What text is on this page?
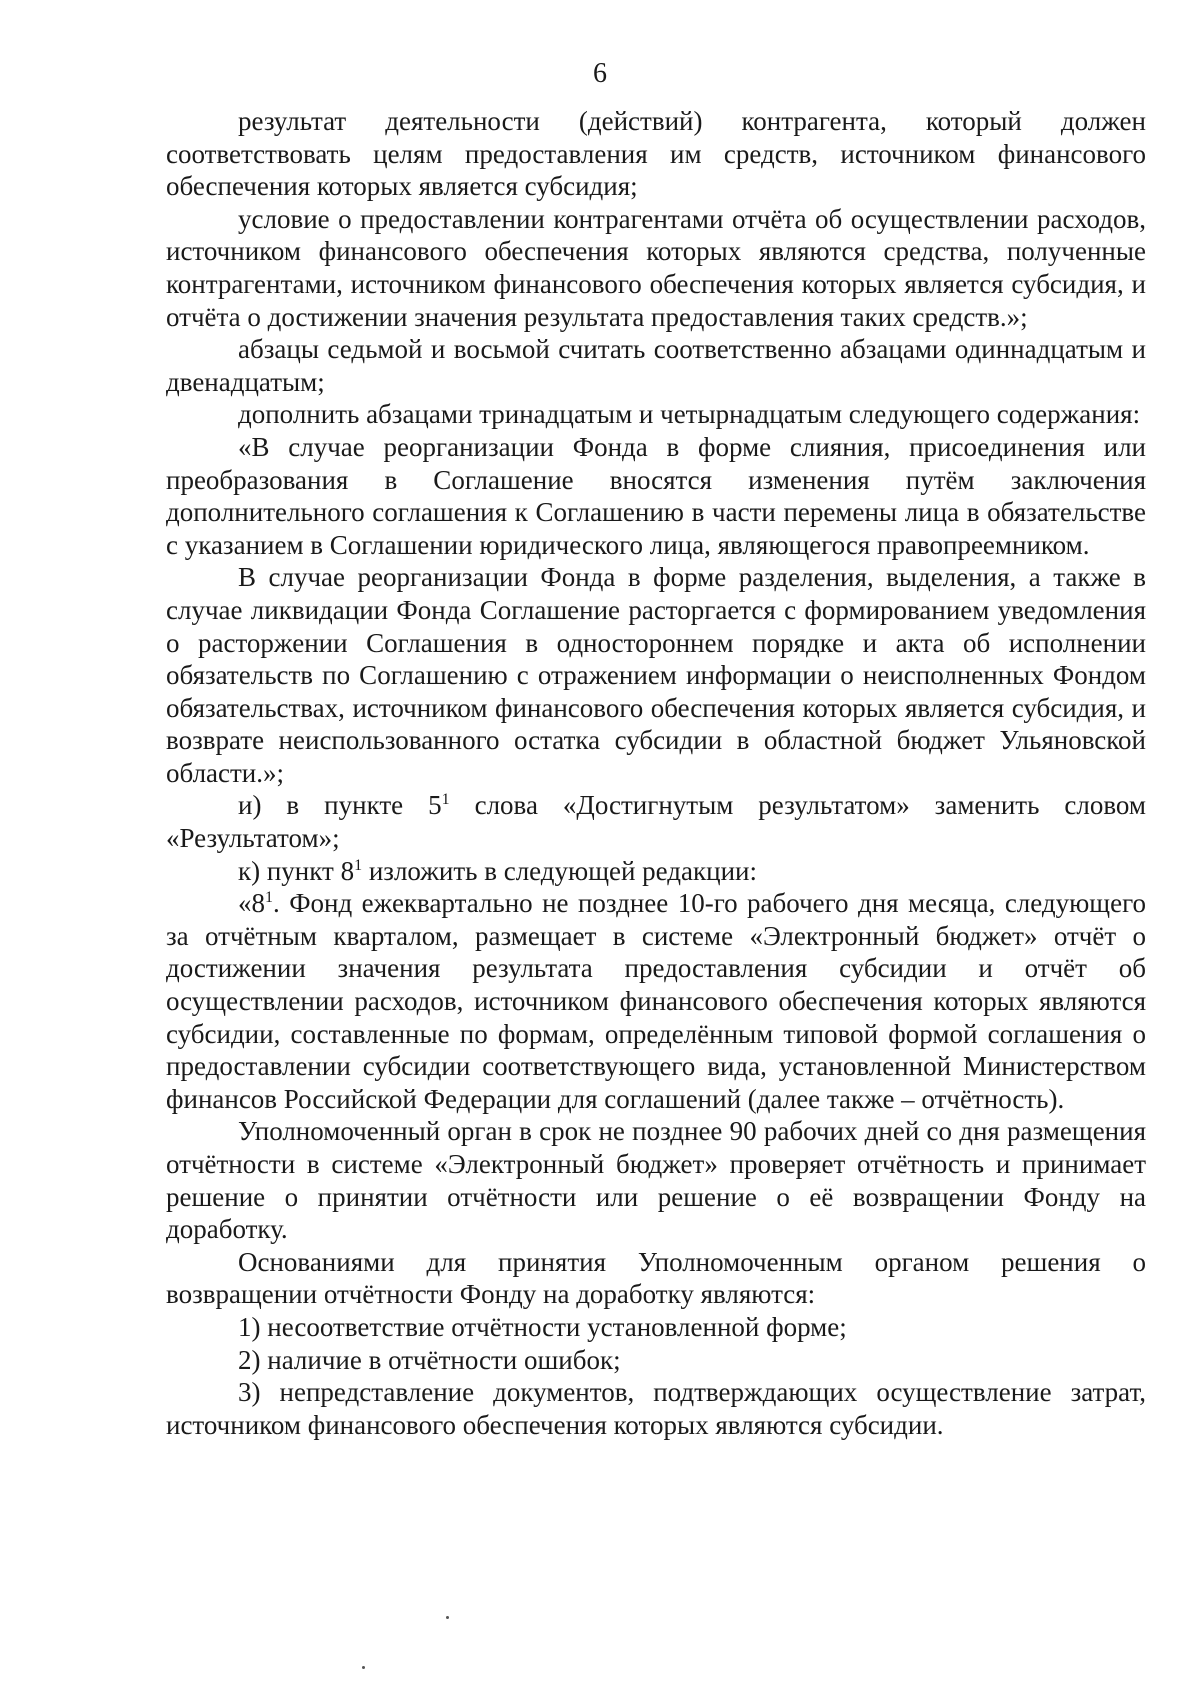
6

результат деятельности (действий) контрагента, который должен соответствовать целям предоставления им средств, источником финансового обеспечения которых является субсидия;

условие о предоставлении контрагентами отчёта об осуществлении расходов, источником финансового обеспечения которых являются средства, полученные контрагентами, источником финансового обеспечения которых является субсидия, и отчёта о достижении значения результата предоставления таких средств.»;

абзацы седьмой и восьмой считать соответственно абзацами одиннадцатым и двенадцатым;

дополнить абзацами тринадцатым и четырнадцатым следующего содержания:

«В случае реорганизации Фонда в форме слияния, присоединения или преобразования в Соглашение вносятся изменения путём заключения дополнительного соглашения к Соглашению в части перемены лица в обязательстве с указанием в Соглашении юридического лица, являющегося правопреемником.

В случае реорганизации Фонда в форме разделения, выделения, а также в случае ликвидации Фонда Соглашение расторгается с формированием уведомления о расторжении Соглашения в одностороннем порядке и акта об исполнении обязательств по Соглашению с отражением информации о неисполненных Фондом обязательствах, источником финансового обеспечения которых является субсидия, и возврате неиспользованного остатка субсидии в областной бюджет Ульяновской области.»;

и) в пункте $5^1$ слова «Достигнутым результатом» заменить словом «Результатом»;

к) пункт $8^1$ изложить в следующей редакции:

«$8^1$. Фонд ежеквартально не позднее 10-го рабочего дня месяца, следующего за отчётным кварталом, размещает в системе «Электронный бюджет» отчёт о достижении значения результата предоставления субсидии и отчёт об осуществлении расходов, источником финансового обеспечения которых являются субсидии, составленные по формам, определённым типовой формой соглашения о предоставлении субсидии соответствующего вида, установленной Министерством финансов Российской Федерации для соглашений (далее также – отчётность).

Уполномоченный орган в срок не позднее 90 рабочих дней со дня размещения отчётности в системе «Электронный бюджет» проверяет отчётность и принимает решение о принятии отчётности или решение о её возвращении Фонду на доработку.

Основаниями для принятия Уполномоченным органом решения о возвращении отчётности Фонду на доработку являются:

1) несоответствие отчётности установленной форме;

2) наличие в отчётности ошибок;

3) непредставление документов, подтверждающих осуществление затрат, источником финансового обеспечения которых являются субсидии.
